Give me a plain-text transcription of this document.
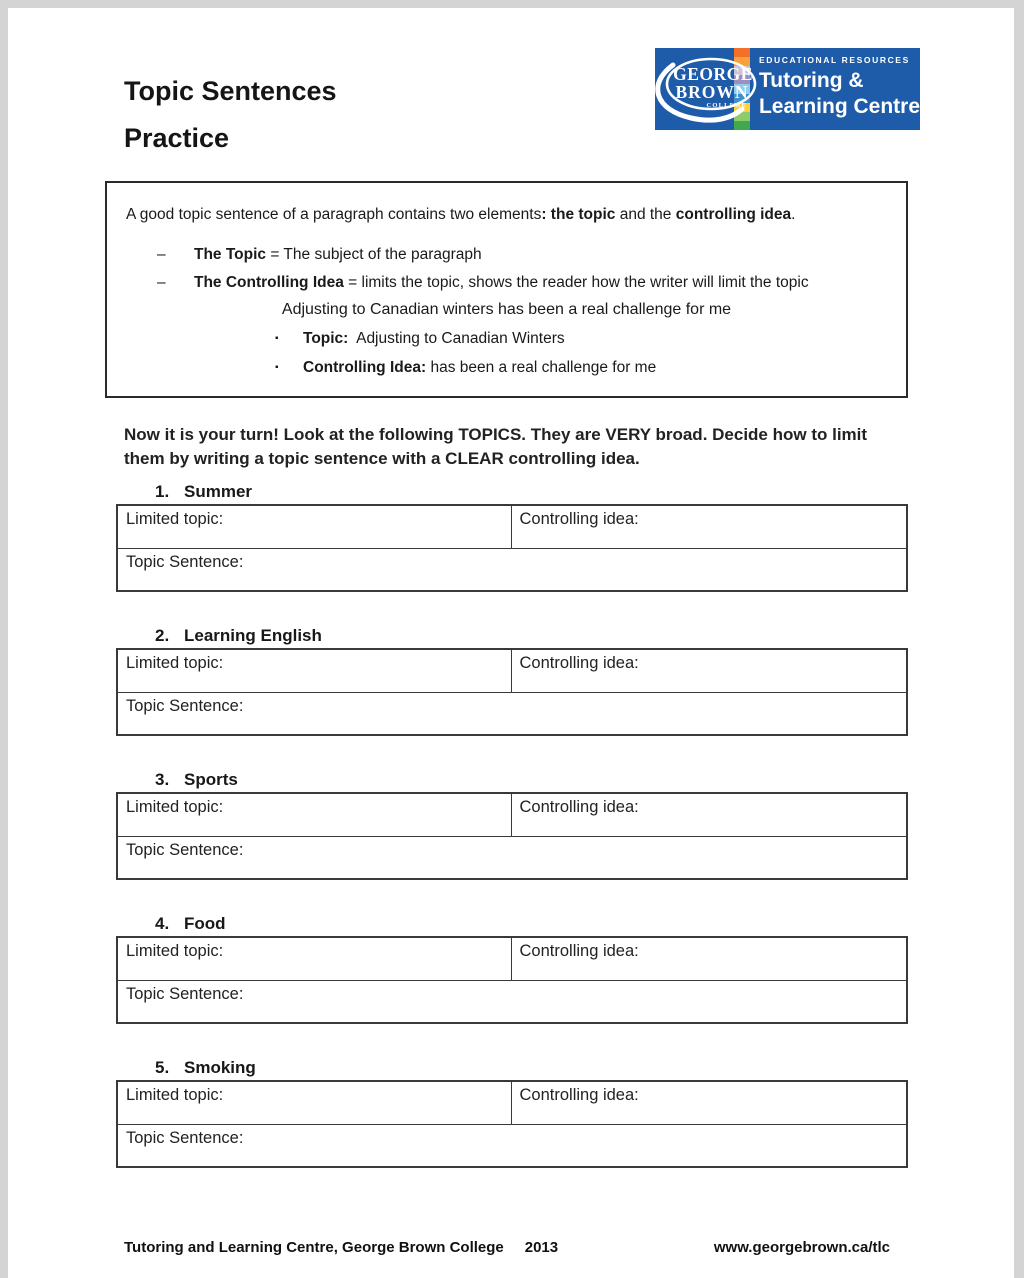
Topic Sentences
Practice
GEORGE
BROWN
COLLEGE
EDUCATIONAL RESOURCES
Tutoring &
Learning Centre
A good topic sentence of a paragraph contains two elements: the topic and the controlling idea.
– The Topic = The subject of the paragraph
– The Controlling Idea = limits the topic, shows the reader how the writer will limit the topic
Adjusting to Canadian winters has been a real challenge for me
▪ Topic:  Adjusting to Canadian Winters
▪ Controlling Idea: has been a real challenge for me
Now it is your turn! Look at the following TOPICS. They are VERY broad. Decide how to limit them by writing a topic sentence with a CLEAR controlling idea.
1. Summer
Limited topic:	Controlling idea:
Topic Sentence:
2. Learning English
Limited topic:	Controlling idea:
Topic Sentence:
3. Sports
Limited topic:	Controlling idea:
Topic Sentence:
4. Food
Limited topic:	Controlling idea:
Topic Sentence:
5. Smoking
Limited topic:	Controlling idea:
Topic Sentence:
Tutoring and Learning Centre, George Brown College 2013	www.georgebrown.ca/tlc
